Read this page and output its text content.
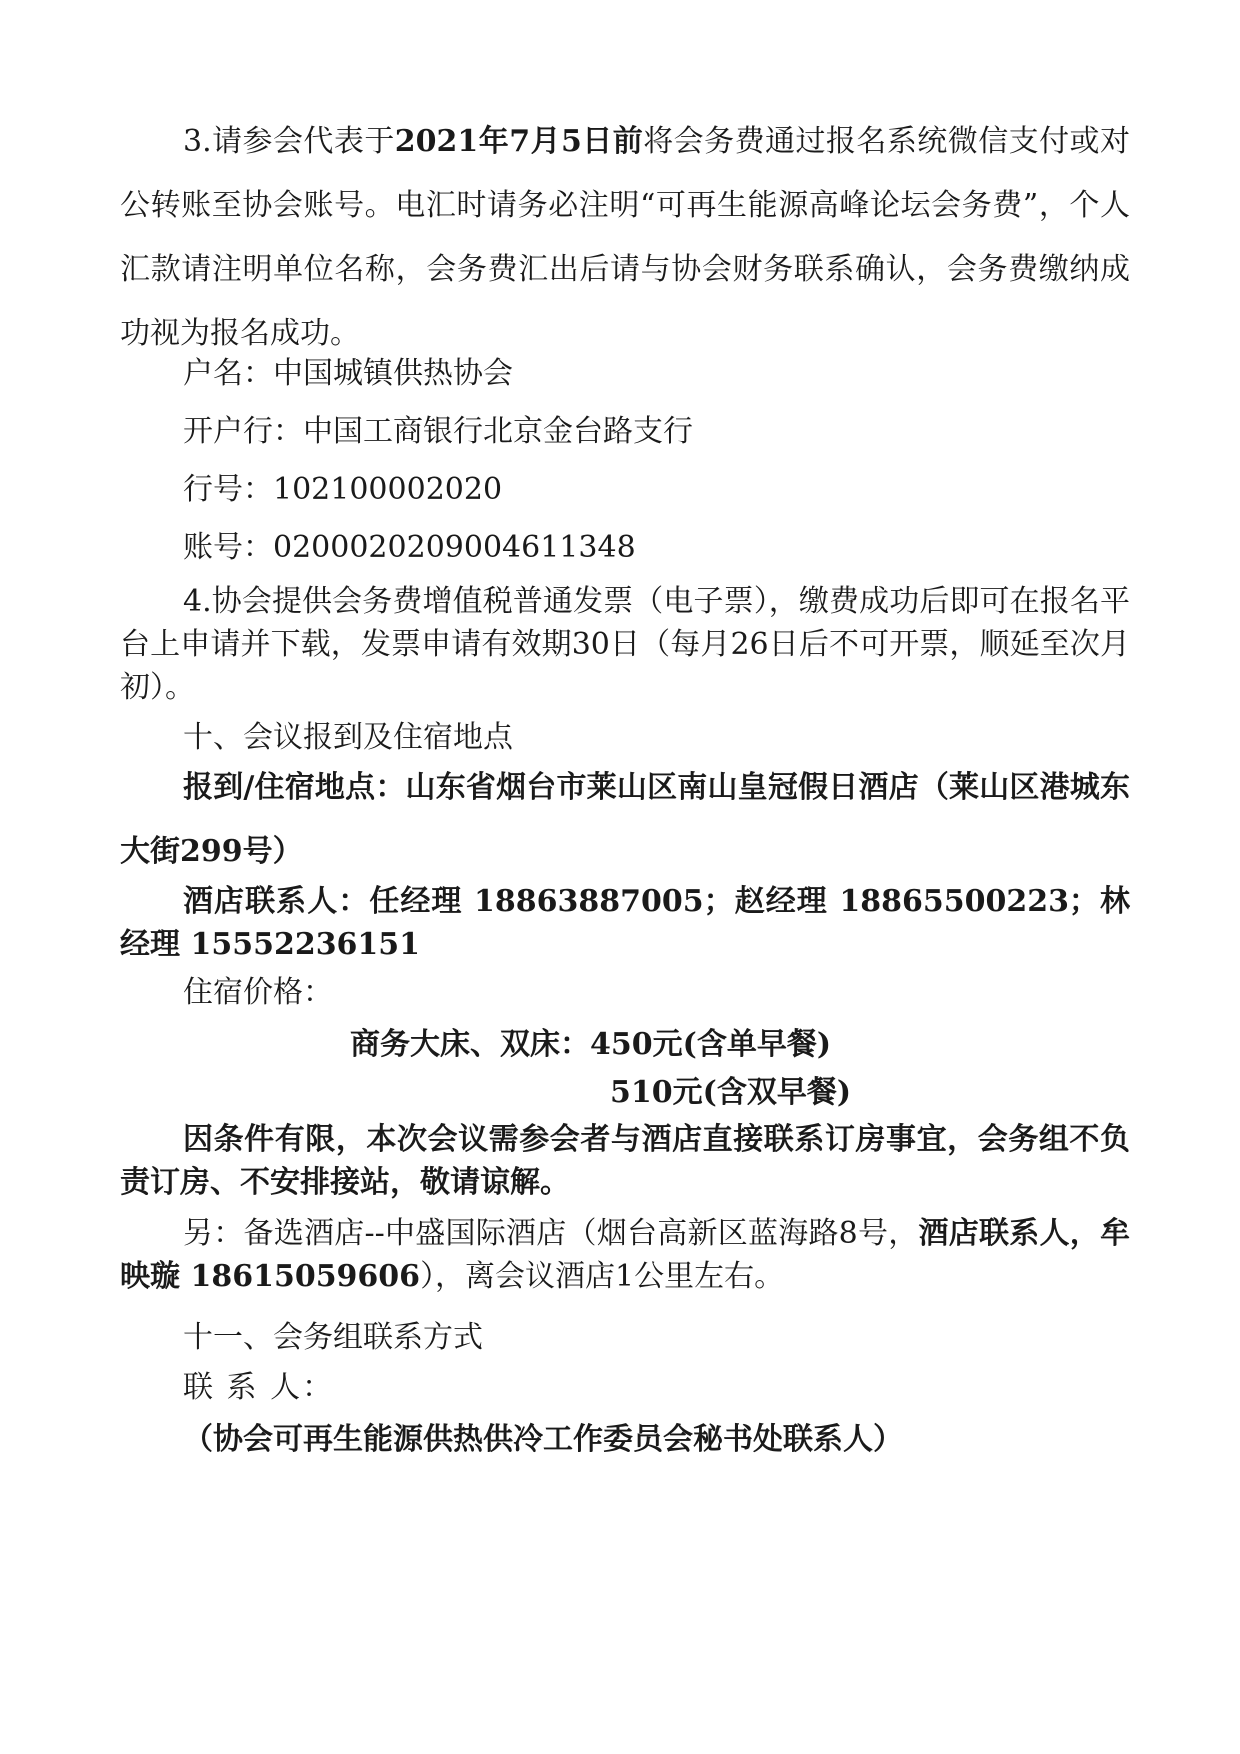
3.请参会代表于2021年7月5日前将会务费通过报名系统微信支付或对公转账至协会账号。电汇时请务必注明“可再生能源高峰论坛会务费”，个人汇款请注明单位名称，会务费汇出后请与协会财务联系确认，会务费缴纳成功视为报名成功。

户名：中国城镇供热协会

开户行：中国工商银行北京金台路支行

行号：102100002020

账号：0200020209004611348

4.协会提供会务费增值税普通发票（电子票），缴费成功后即可在报名平台上申请并下载，发票申请有效期30日（每月26日后不可开票，顺延至次月初）。

十、会议报到及住宿地点

报到/住宿地点：山东省烟台市莱山区南山皇冠假日酒店（莱山区港城东大街299号）

酒店联系人：任经理 18863887005；赵经理 18865500223；林经理 15552236151

住宿价格：

商务大床、双床：450元(含单早餐)

510元(含双早餐)

因条件有限，本次会议需参会者与酒店直接联系订房事宜，会务组不负责订房、不安排接站，敬请谅解。

另：备选酒店--中盛国际酒店（烟台高新区蓝海路8号，酒店联系人，牟映璇 18615059606），离会议酒店1公里左右。

十一、会务组联系方式

联 系 人：

（协会可再生能源供热供冷工作委员会秘书处联系人）
